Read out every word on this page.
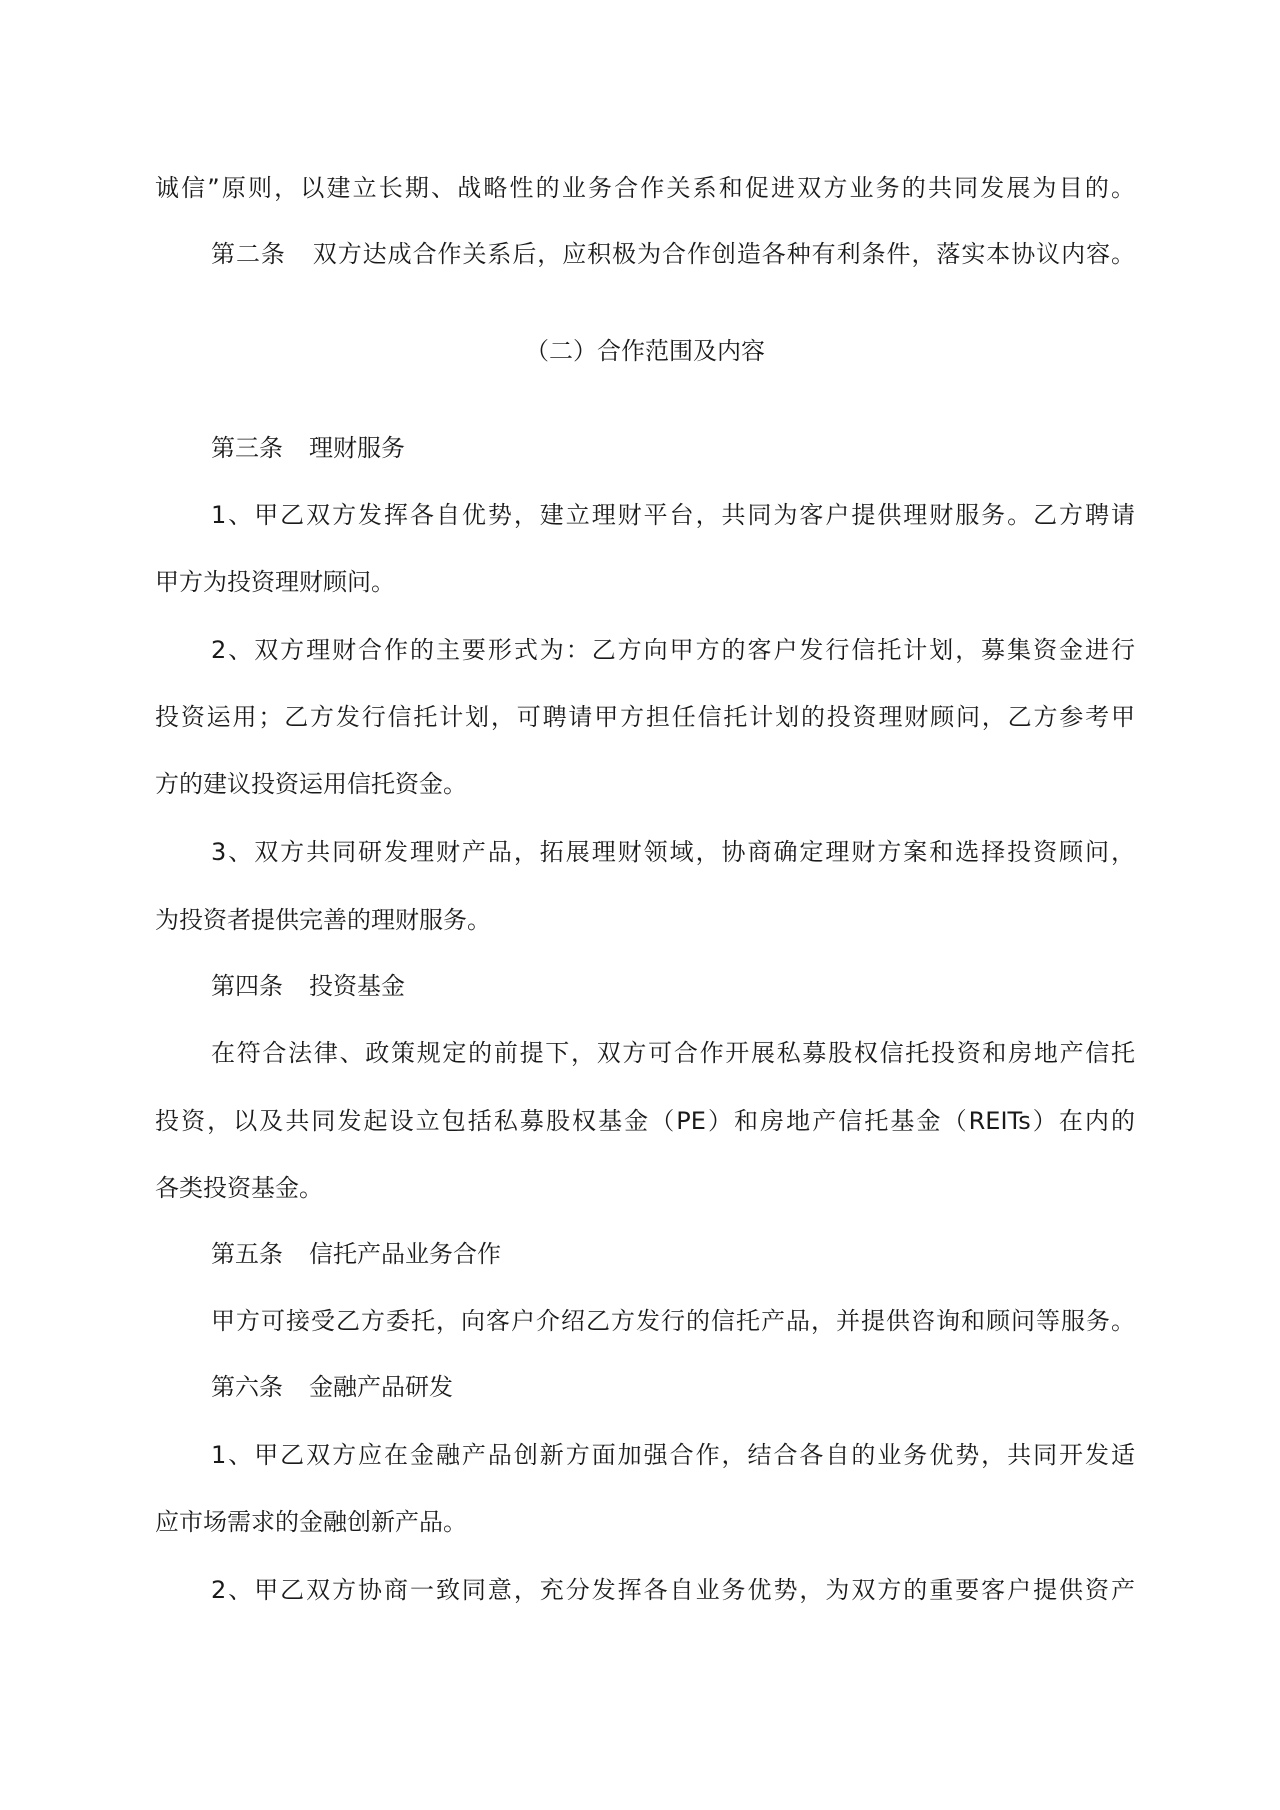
诚信”原则，以建立长期、战略性的业务合作关系和促进双方业务的共同发展为目的。
第二条 双方达成合作关系后，应积极为合作创造各种有利条件，落实本协议内容。
（二）合作范围及内容
第三条 理财服务
1、甲乙双方发挥各自优势，建立理财平台，共同为客户提供理财服务。乙方聘请
甲方为投资理财顾问。
2、双方理财合作的主要形式为：乙方向甲方的客户发行信托计划，募集资金进行
投资运用；乙方发行信托计划，可聘请甲方担任信托计划的投资理财顾问，乙方参考甲
方的建议投资运用信托资金。
3、双方共同研发理财产品，拓展理财领域，协商确定理财方案和选择投资顾问，
为投资者提供完善的理财服务。
第四条 投资基金
在符合法律、政策规定的前提下，双方可合作开展私募股权信托投资和房地产信托
投资，以及共同发起设立包括私募股权基金（PE）和房地产信托基金（REITs）在内的
各类投资基金。
第五条 信托产品业务合作
甲方可接受乙方委托，向客户介绍乙方发行的信托产品，并提供咨询和顾问等服务。
第六条 金融产品研发
1、甲乙双方应在金融产品创新方面加强合作，结合各自的业务优势，共同开发适
应市场需求的金融创新产品。
2、甲乙双方协商一致同意，充分发挥各自业务优势，为双方的重要客户提供资产
